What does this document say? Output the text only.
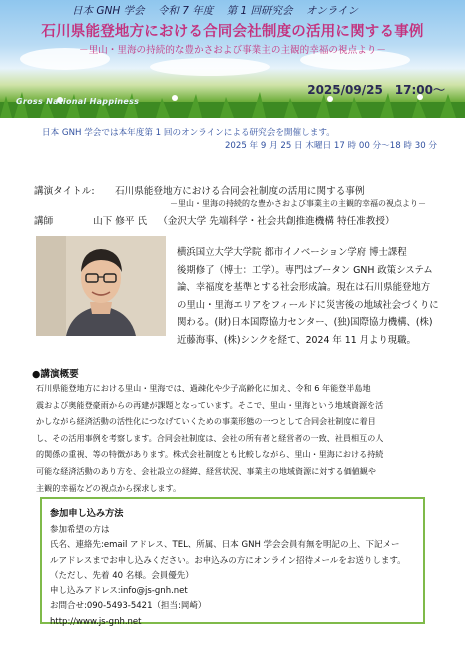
日本 GNH 学会 令和 7 年度 第 1 回研究会 オンライン
石川県能登地方における合同会社制度の活用に関する事例
－里山・里海の持続的な豊かさおよび事業主の主観的幸福の視点より－
2025/09/25　17:00～
Gross National Happiness
日本 GNH 学会では本年度第 1 回のオンラインによる研究会を開催します。
2025 年 9 月 25 日 木曜日 17 時 00 分～18 時 30 分
講演タイトル: 石川県能登地方における合同会社制度の活用に関する事例
－里山・里海の持続的な豊かさおよび事業主の主観的幸福の視点より－
講師	山下 修平 氏 （金沢大学 先端科学・社会共創推進機構 特任准教授）
横浜国立大学大学院 都市イノベーション学府 博士課程
後期修了（博士：工学）。専門はブータン GNH 政策システム
論、幸福度を基準とする社会形成論。現在は石川県能登地方
の里山・里海エリアをフィールドに災害後の地域社会づくりに
関わる。(財)日本国際協力センター、(独)国際協力機構、(株)
近藤海事、(株)シンクを経て、2024 年 11 月より現職。
●講演概要
石川県能登地方における里山・里海では、過疎化や少子高齢化に加え、令和 6 年能登半島地
震および奥能登豪雨からの再建が課題となっています。そこで、里山・里海という地域資源を活
かしながら経済活動の活性化につなげていくための事業形態の一つとして合同会社制度に着目
し、その活用事例を考察します。合同会社制度は、会社の所有者と経営者の一致、社員相互の人
的関係の重視、等の特徴があります。株式会社制度とも比較しながら、里山・里海における持続
可能な経済活動のあり方を、会社設立の経緯、経営状況、事業主の地域資源に対する価値観や
主観的幸福などの視点から探求します。
参加申し込み方法
参加希望の方は
氏名、連絡先:email アドレス、TEL、所属、日本 GNH 学会会員有無を明記の上、下記メー
ルアドレスまでお申し込みください。お申込みの方にオンライン招待メールをお送りします。
（ただし、先着 40 名様。会員優先）
申し込みアドレス:info@js-gnh.net
お問合せ:090-5493-5421（担当:岡崎）
http://www.js-gnh.net
